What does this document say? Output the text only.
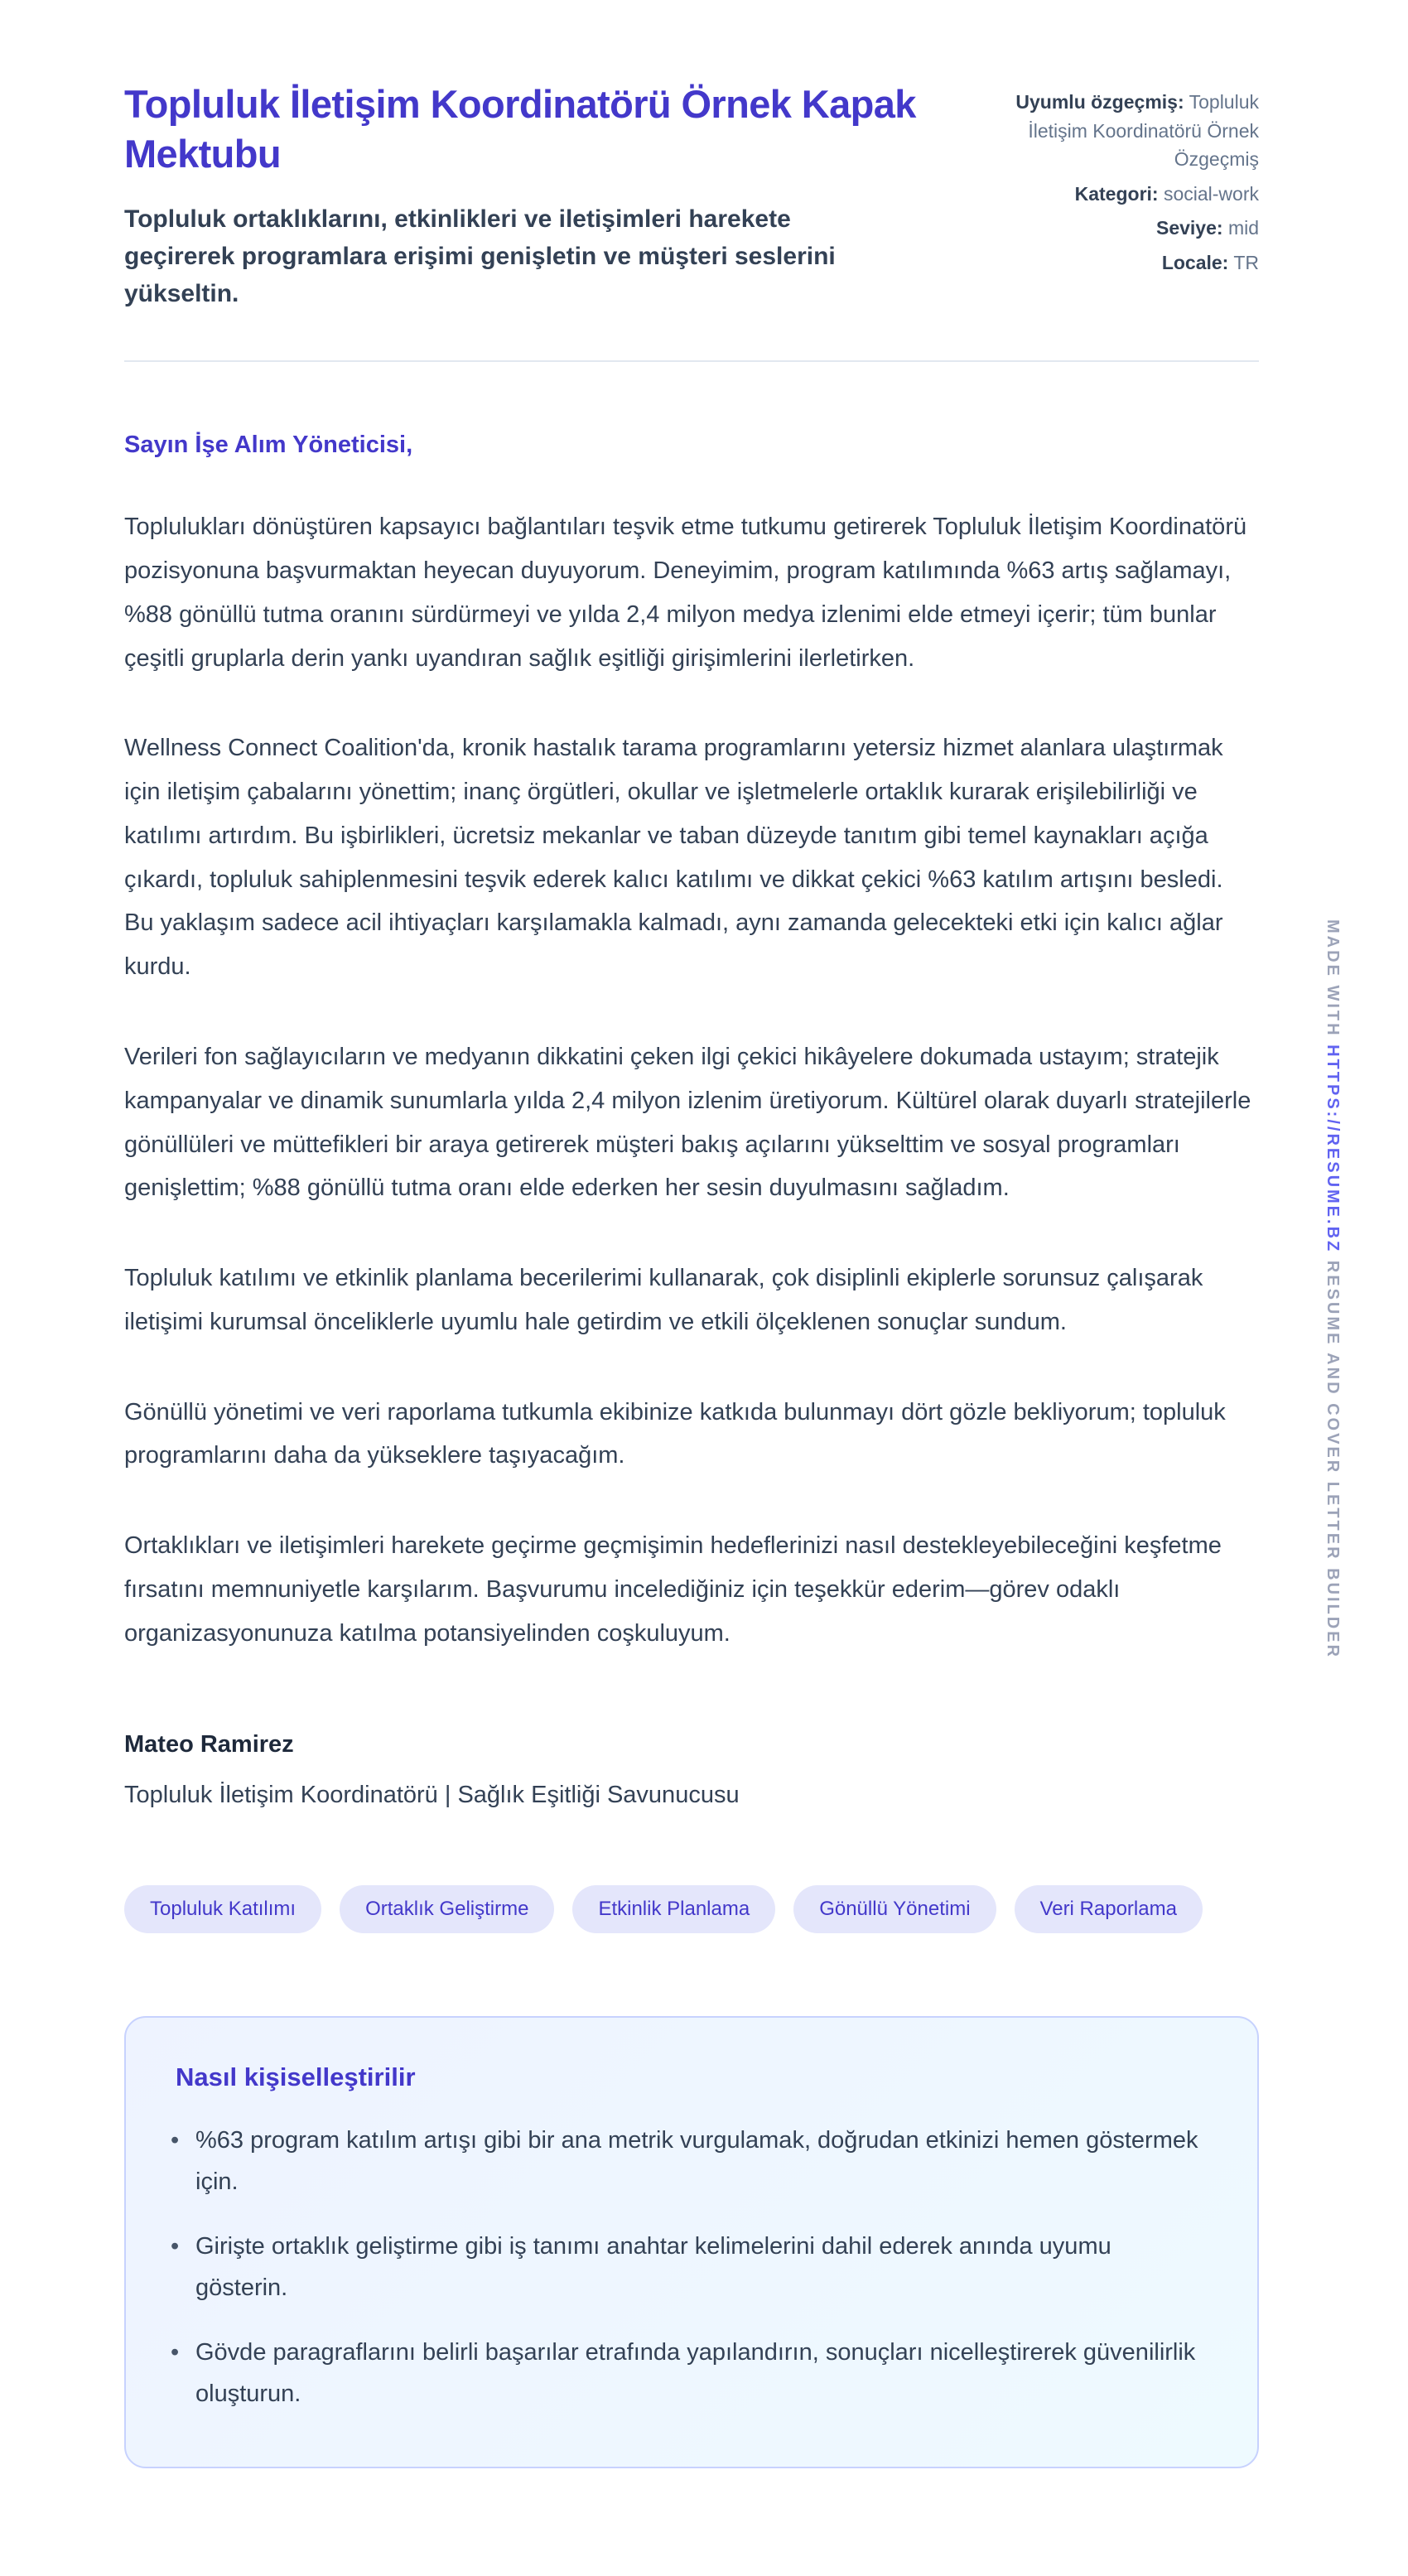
Topluluk İletişim Koordinatörü Örnek Kapak Mektubu

Topluluk ortaklıklarını, etkinlikleri ve iletişimleri harekete geçirerek programlara erişimi genişletin ve müşteri seslerini yükseltin.

Uyumlu özgeçmiş: Topluluk İletişim Koordinatörü Örnek Özgeçmiş
Kategori: social-work
Seviye: mid
Locale: TR

Sayın İşe Alım Yöneticisi,

Toplulukları dönüştüren kapsayıcı bağlantıları teşvik etme tutkumu getirerek Topluluk İletişim Koordinatörü pozisyonuna başvurmaktan heyecan duyuyorum. Deneyimim, program katılımında %63 artış sağlamayı, %88 gönüllü tutma oranını sürdürmeyi ve yılda 2,4 milyon medya izlenimi elde etmeyi içerir; tüm bunlar çeşitli gruplarla derin yankı uyandıran sağlık eşitliği girişimlerini ilerletirken.

Wellness Connect Coalition'da, kronik hastalık tarama programlarını yetersiz hizmet alanlara ulaştırmak için iletişim çabalarını yönettim; inanç örgütleri, okullar ve işletmelerle ortaklık kurarak erişilebilirliği ve katılımı artırdım. Bu işbirlikleri, ücretsiz mekanlar ve taban düzeyde tanıtım gibi temel kaynakları açığa çıkardı, topluluk sahiplenmesini teşvik ederek kalıcı katılımı ve dikkat çekici %63 katılım artışını besledi. Bu yaklaşım sadece acil ihtiyaçları karşılamakla kalmadı, aynı zamanda gelecekteki etki için kalıcı ağlar kurdu.

Verileri fon sağlayıcıların ve medyanın dikkatini çeken ilgi çekici hikâyelere dokumada ustayım; stratejik kampanyalar ve dinamik sunumlarla yılda 2,4 milyon izlenim üretiyorum. Kültürel olarak duyarlı stratejilerle gönüllüleri ve müttefikleri bir araya getirerek müşteri bakış açılarını yükselttim ve sosyal programları genişlettim; %88 gönüllü tutma oranı elde ederken her sesin duyulmasını sağladım.

Topluluk katılımı ve etkinlik planlama becerilerimi kullanarak, çok disiplinli ekiplerle sorunsuz çalışarak iletişimi kurumsal önceliklerle uyumlu hale getirdim ve etkili ölçeklenen sonuçlar sundum.

Gönüllü yönetimi ve veri raporlama tutkumla ekibinize katkıda bulunmayı dört gözle bekliyorum; topluluk programlarını daha da yükseklere taşıyacağım.

Ortaklıkları ve iletişimleri harekete geçirme geçmişimin hedeflerinizi nasıl destekleyebileceğini keşfetme fırsatını memnuniyetle karşılarım. Başvurumu incelediğiniz için teşekkür ederim—görev odaklı organizasyonunuza katılma potansiyelinden coşkuluyum.

Mateo Ramirez

Topluluk İletişim Koordinatörü | Sağlık Eşitliği Savunucusu

Topluluk Katılımı	Ortaklık Geliştirme	Etkinlik Planlama	Gönüllü Yönetimi	Veri Raporlama
Nasıl kişiselleştirilir
• %63 program katılım artışı gibi bir ana metrik vurgulamak, doğrudan etkinizi hemen göstermek için.
• Girişte ortaklık geliştirme gibi iş tanımı anahtar kelimelerini dahil ederek anında uyumu gösterin.
• Gövde paragraflarını belirli başarılar etrafında yapılandırın, sonuçları nicelleştirerek güvenilirlik oluşturun.
MADE WITH HTTPS://RESUME.BZ RESUME AND COVER LETTER BUILDER
